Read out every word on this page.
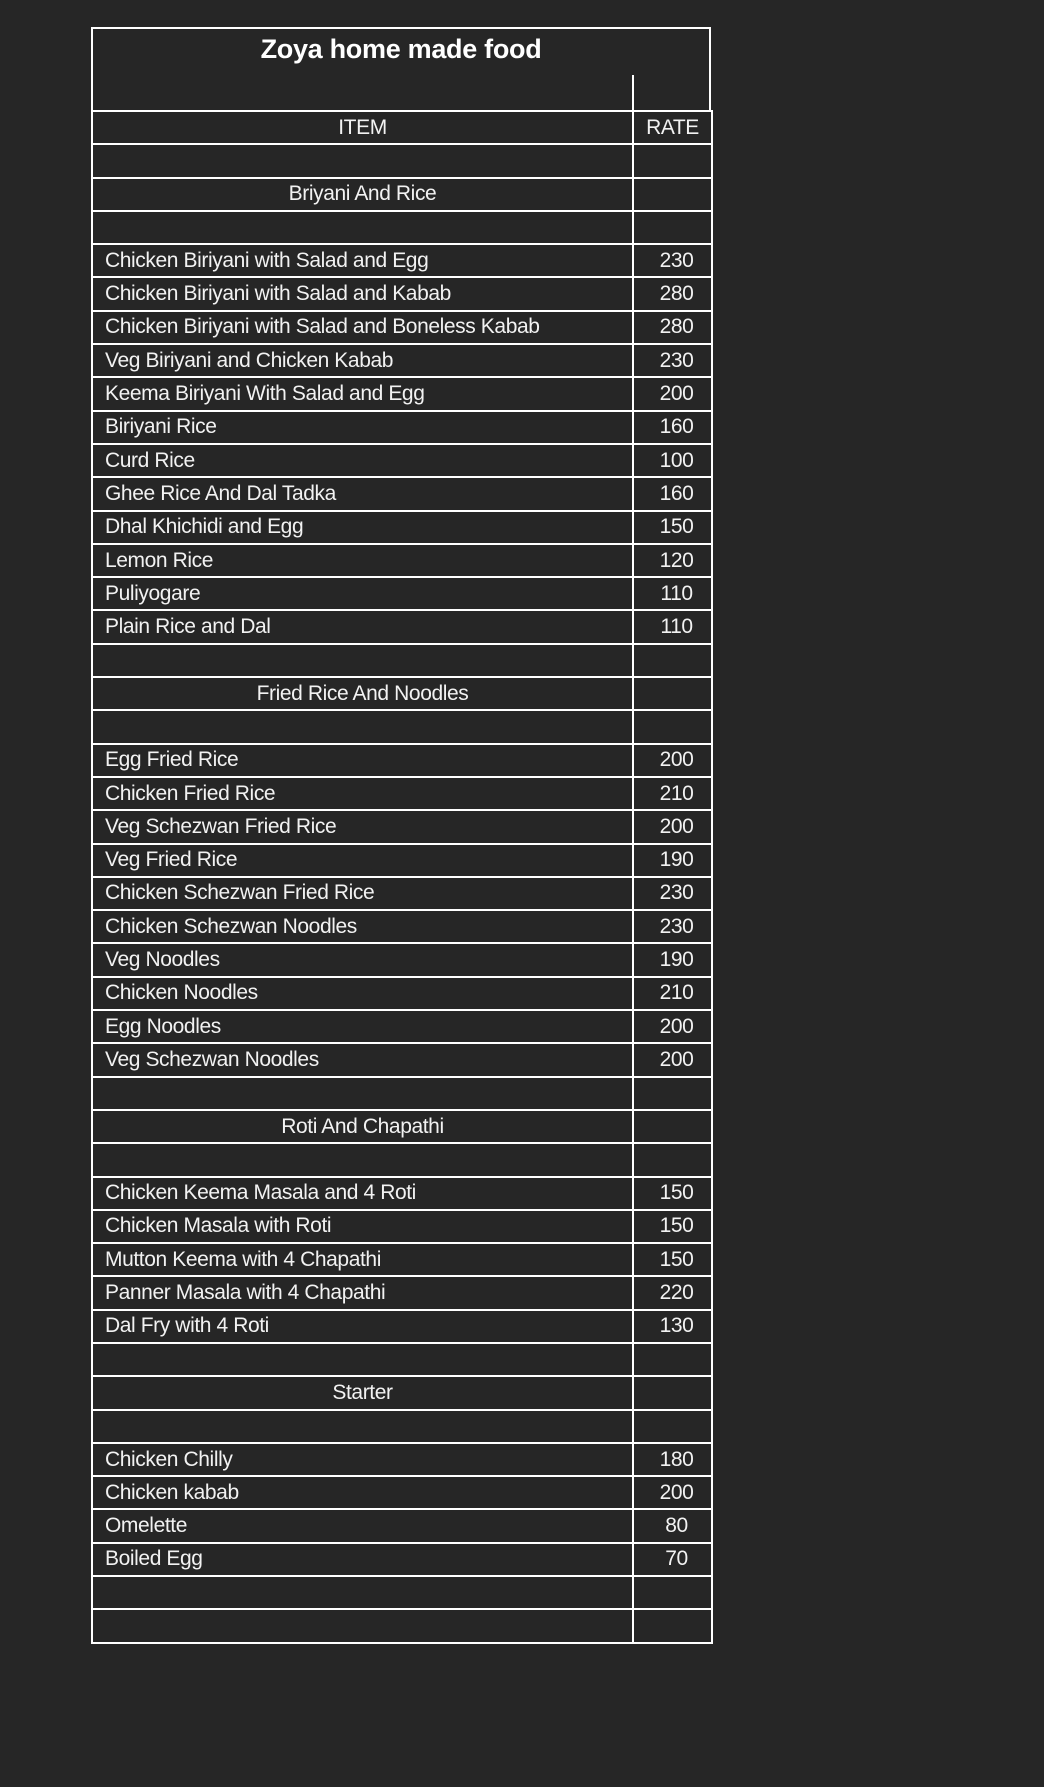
Zoya home made food
ITEM	RATE

Briyani And Rice	

Chicken Biriyani with Salad and Egg	230
Chicken Biriyani with Salad and Kabab	280
Chicken Biriyani with Salad and Boneless Kabab	280
Veg Biriyani and Chicken Kabab	230
Keema Biriyani With Salad and Egg	200
Biriyani Rice	160
Curd Rice	100
Ghee Rice And Dal Tadka	160
Dhal Khichidi and Egg	150
Lemon Rice	120
Puliyogare	110
Plain Rice and Dal	110

Fried Rice And Noodles	

Egg Fried Rice	200
Chicken Fried Rice	210
Veg Schezwan Fried Rice	200
Veg Fried Rice	190
Chicken Schezwan Fried Rice	230
Chicken Schezwan Noodles	230
Veg Noodles	190
Chicken Noodles	210
Egg Noodles	200
Veg Schezwan Noodles	200

Roti And Chapathi	

Chicken Keema Masala and 4 Roti	150
Chicken Masala with Roti	150
Mutton Keema with 4 Chapathi	150
Panner Masala with 4 Chapathi	220
Dal Fry with 4 Roti	130

Starter	

Chicken Chilly	180
Chicken kabab	200
Omelette	80
Boiled Egg	70
